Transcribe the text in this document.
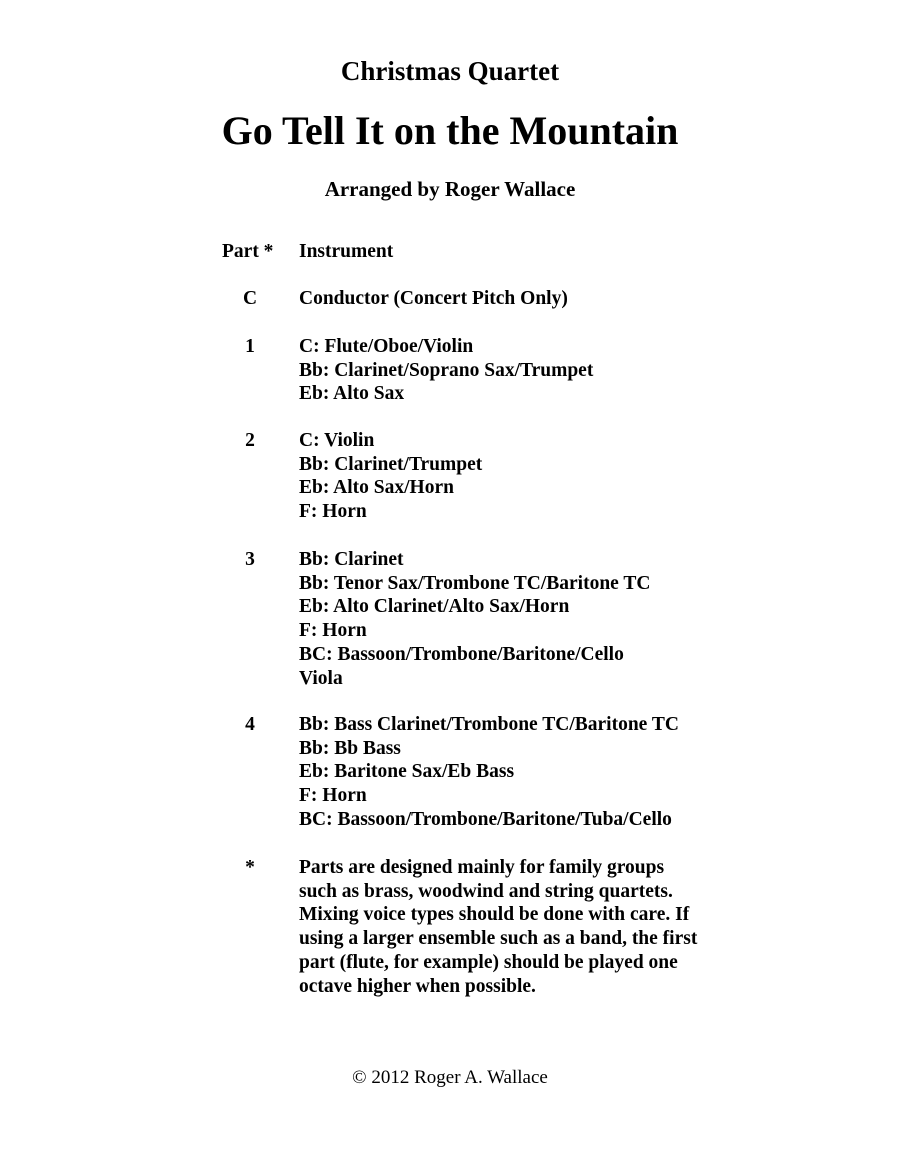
Christmas Quartet
Go Tell It on the Mountain
Arranged by Roger Wallace
Part * Instrument
C	Conductor (Concert Pitch Only)
1	C: Flute/Oboe/Violin
Bb: Clarinet/Soprano Sax/Trumpet
Eb: Alto Sax
2	C: Violin
Bb: Clarinet/Trumpet
Eb: Alto Sax/Horn
F: Horn
3	Bb: Clarinet
Bb: Tenor Sax/Trombone TC/Baritone TC
Eb: Alto Clarinet/Alto Sax/Horn
F: Horn
BC: Bassoon/Trombone/Baritone/Cello
Viola
4	Bb: Bass Clarinet/Trombone TC/Baritone TC
Bb: Bb Bass
Eb: Baritone Sax/Eb Bass
F: Horn
BC: Bassoon/Trombone/Baritone/Tuba/Cello
*	Parts are designed mainly for family groups
such as brass, woodwind and string quartets.
Mixing voice types should be done with care. If
using a larger ensemble such as a band, the first
part (flute, for example) should be played one
octave higher when possible.
© 2012 Roger A. Wallace
